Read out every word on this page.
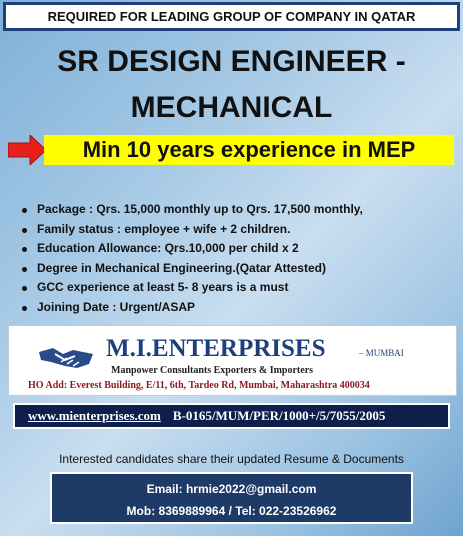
REQUIRED FOR LEADING GROUP OF COMPANY IN QATAR
SR DESIGN ENGINEER -
MECHANICAL
Min 10 years experience in MEP
Package : Qrs. 15,000 monthly up to Qrs. 17,500 monthly,
Family status : employee + wife + 2 children.
Education Allowance: Qrs.10,000 per child x 2
Degree in Mechanical Engineering.(Qatar Attested)
GCC experience at least 5- 8 years is a must
Joining Date : Urgent/ASAP
M.I.ENTERPRISES	– MUMBAI
Manpower Consultants Exporters & Importers
HO Add: Everest Building, E/11, 6th, Tardeo Rd, Mumbai, Maharashtra 400034
www.mienterprises.com B-0165/MUM/PER/1000+/5/7055/2005
Interested candidates share their updated Resume & Documents
Email: hrmie2022@gmail.com
Mob: 8369889964 / Tel: 022-23526962
